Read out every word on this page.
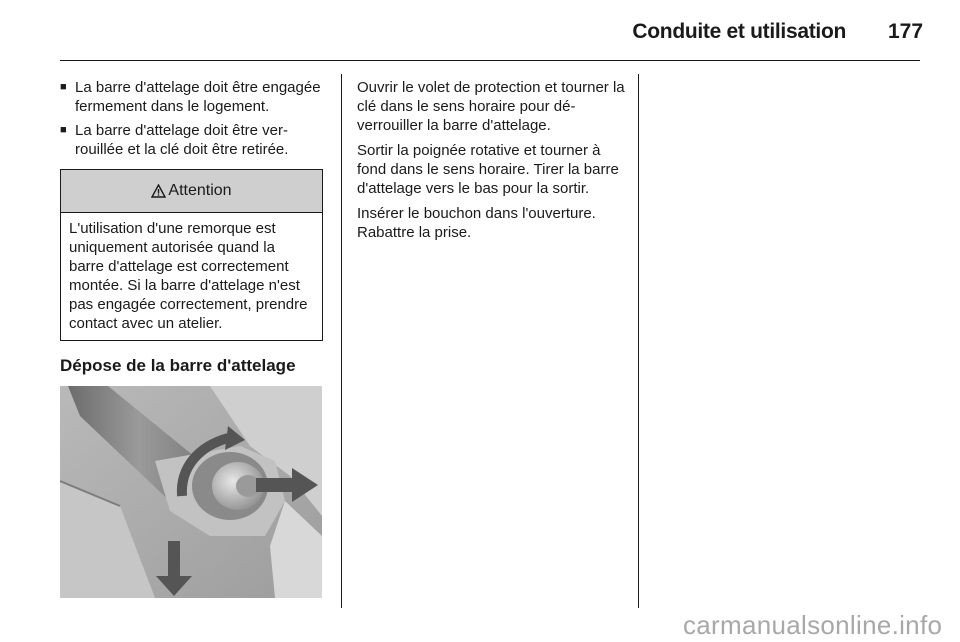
Conduite et utilisation 177
■ La barre d'attelage doit être engagée fermement dans le logement.
■ La barre d'attelage doit être verrouillée et la clé doit être retirée.
Attention
L'utilisation d'une remorque est uniquement autorisée quand la barre d'attelage est correctement montée. Si la barre d'attelage n'est pas engagée correctement, prendre contact avec un atelier.
Dépose de la barre d'attelage
Ouvrir le volet de protection et tourner la clé dans le sens horaire pour déverrouiller la barre d'attelage.
Sortir la poignée rotative et tourner à fond dans le sens horaire. Tirer la barre d'attelage vers le bas pour la sortir.
Insérer le bouchon dans l'ouverture. Rabattre la prise.
carmanualsonline.info
